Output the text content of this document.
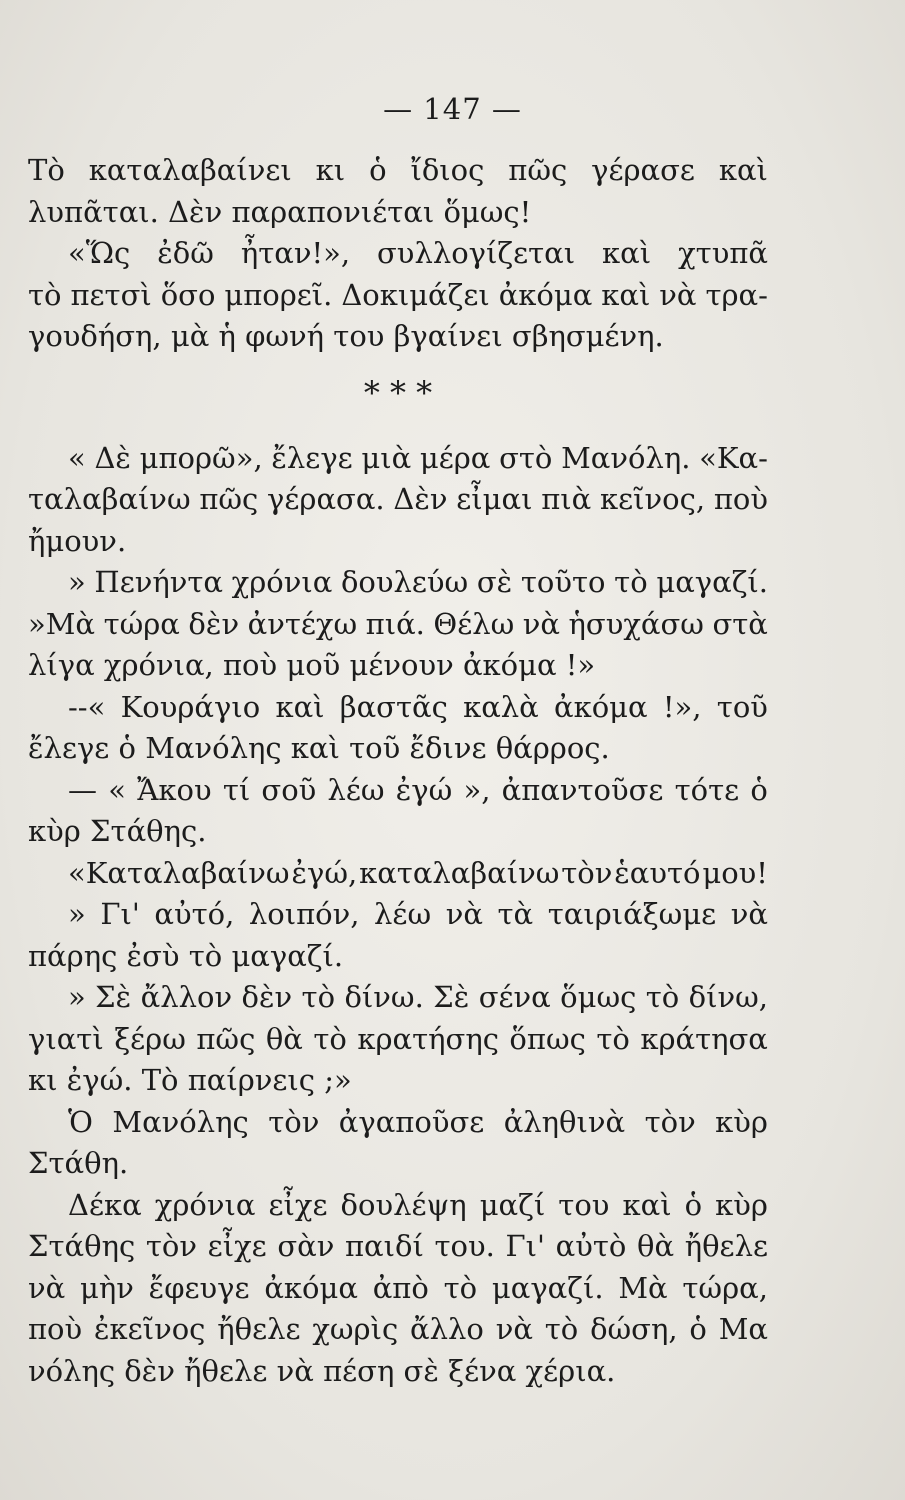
— 147 —
Τὸ καταλαβαίνει κι ὁ ἴδιος πῶς γέρασε καὶ
λυπᾶται. Δὲν παραπονιέται ὅμως!
«Ὥς ἐδῶ ἦταν!», συλλογίζεται καὶ χτυπᾶ
τὸ πετσὶ ὅσο μπορεῖ. Δοκιμάζει ἀκόμα καὶ νὰ τρα-
γουδήση, μὰ ἡ φωνή του βγαίνει σβησμένη.
* * *
« Δὲ μπορῶ», ἔλεγε μιὰ μέρα στὸ Μανόλη. «Κα-
ταλαβαίνω πῶς γέρασα. Δὲν εἶμαι πιὰ κεῖνος, ποὺ
ἤμουν.
» Πενήντα χρόνια δουλεύω σὲ τοῦτο τὸ μαγαζί.
»Μὰ τώρα δὲν ἀντέχω πιά. Θέλω νὰ ἡσυχάσω στὰ
λίγα χρόνια, ποὺ μοῦ μένουν ἀκόμα !»
--« Κουράγιο καὶ βαστᾶς καλὰ ἀκόμα !», τοῦ
ἔλεγε ὁ Μανόλης καὶ τοῦ ἔδινε θάρρος.
— « Ἄκου τί σοῦ λέω ἐγώ », ἀπαντοῦσε τότε ὁ
κὺρ Στάθης.
«Καταλαβαίνω ἐγώ, καταλαβαίνω τὸν ἑαυτό μου!
» Γι' αὐτό, λοιπόν, λέω νὰ τὰ ταιριάξωμε νὰ
πάρης ἐσὺ τὸ μαγαζί.
» Σὲ ἄλλον δὲν τὸ δίνω. Σὲ σένα ὅμως τὸ δίνω,
γιατὶ ξέρω πῶς θὰ τὸ κρατήσης ὅπως τὸ κράτησα
κι ἐγώ. Τὸ παίρνεις ;»
Ὁ Μανόλης τὸν ἀγαποῦσε ἀληθινὰ τὸν κὺρ
Στάθη.
Δέκα χρόνια εἶχε δουλέψη μαζί του καὶ ὁ κὺρ
Στάθης τὸν εἶχε σὰν παιδί του. Γι' αὐτὸ θὰ ἤθελε
νὰ μὴν ἔφευγε ἀκόμα ἀπὸ τὸ μαγαζί. Μὰ τώρα,
ποὺ ἐκεῖνος ἤθελε χωρὶς ἄλλο νὰ τὸ δώση, ὁ Μα
νόλης δὲν ἤθελε νὰ πέση σὲ ξένα χέρια.
